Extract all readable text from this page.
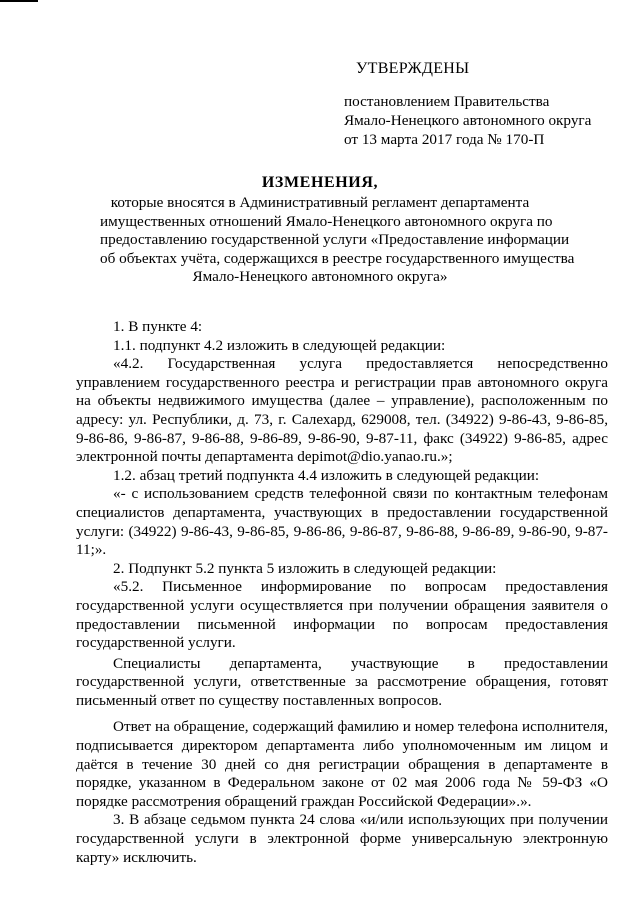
УТВЕРЖДЕНЫ
постановлением Правительства
Ямало-Ненецкого автономного округа
от 13 марта 2017 года № 170-П
ИЗМЕНЕНИЯ,
которые вносятся в Административный регламент департамента
имущественных отношений Ямало-Ненецкого автономного округа по
предоставлению государственной услуги «Предоставление информации
об объектах учёта, содержащихся в реестре государственного имущества
Ямало-Ненецкого автономного округа»
1. В пункте 4:
1.1. подпункт 4.2 изложить в следующей редакции:
«4.2. Государственная услуга предоставляется непосредственно управлением государственного реестра и регистрации прав автономного округа на объекты недвижимого имущества (далее – управление), расположенным по адресу: ул. Республики, д. 73, г. Салехард, 629008, тел. (34922) 9-86-43, 9-86-85, 9-86-86, 9-86-87, 9-86-88, 9-86-89, 9-86-90, 9-87-11, факс (34922) 9-86-85, адрес электронной почты департамента depimot@dio.yanao.ru.»;
1.2. абзац третий подпункта 4.4 изложить в следующей редакции:
«- с использованием средств телефонной связи по контактным телефонам специалистов департамента, участвующих в предоставлении государственной услуги: (34922) 9-86-43, 9-86-85, 9-86-86, 9-86-87, 9-86-88, 9-86-89, 9-86-90, 9-87-11;».
2. Подпункт 5.2 пункта 5 изложить в следующей редакции:
«5.2. Письменное информирование по вопросам предоставления государственной услуги осуществляется при получении обращения заявителя о предоставлении письменной информации по вопросам предоставления государственной услуги.
Специалисты департамента, участвующие в предоставлении государственной услуги, ответственные за рассмотрение обращения, готовят письменный ответ по существу поставленных вопросов.
Ответ на обращение, содержащий фамилию и номер телефона исполнителя, подписывается директором департамента либо уполномоченным им лицом и даётся в течение 30 дней со дня регистрации обращения в департаменте в порядке, указанном в Федеральном законе от 02 мая 2006 года № 59-ФЗ «О порядке рассмотрения обращений граждан Российской Федерации».».
3. В абзаце седьмом пункта 24 слова «и/или использующих при получении государственной услуги в электронной форме универсальную электронную карту» исключить.
